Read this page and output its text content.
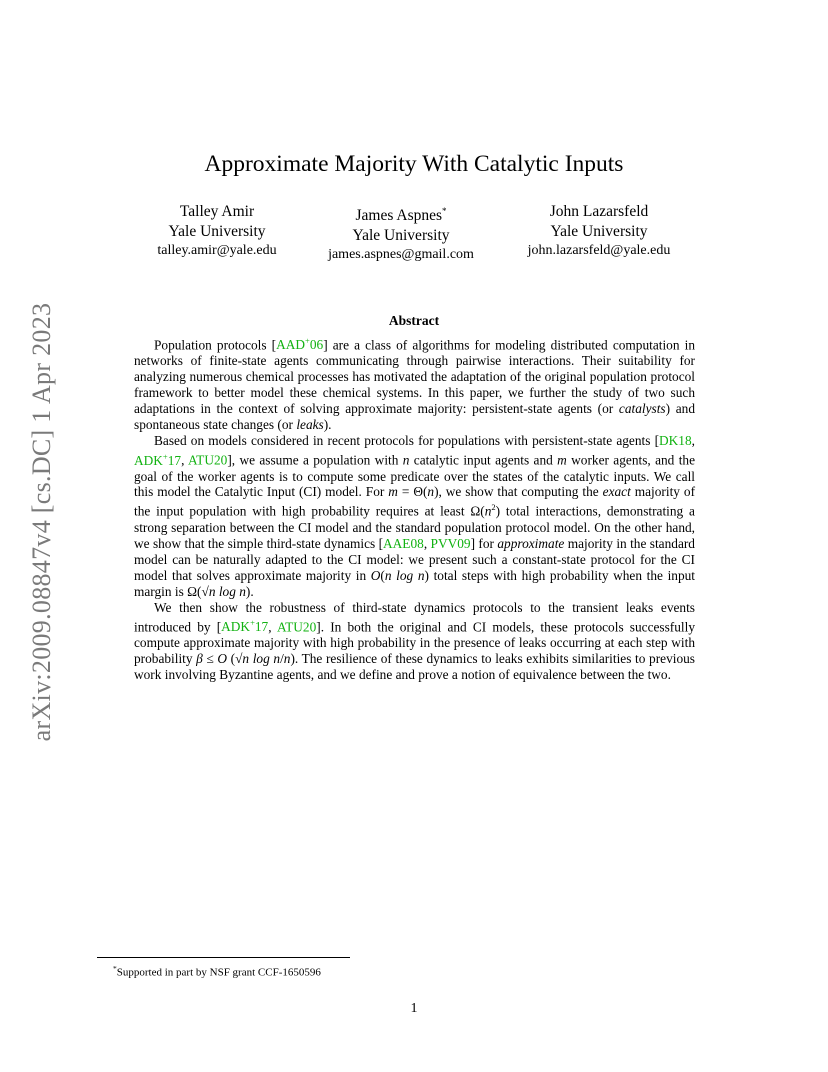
arXiv:2009.08847v4 [cs.DC] 1 Apr 2023
Approximate Majority With Catalytic Inputs
Talley Amir
Yale University
talley.amir@yale.edu
James Aspnes*
Yale University
james.aspnes@gmail.com
John Lazarsfeld
Yale University
john.lazarsfeld@yale.edu
Abstract

Population protocols [AAD+06] are a class of algorithms for modeling distributed computation in networks of finite-state agents communicating through pairwise interactions. Their suitability for analyzing numerous chemical processes has motivated the adaptation of the original population protocol framework to better model these chemical systems. In this paper, we further the study of two such adaptations in the context of solving approximate majority: persistent-state agents (or catalysts) and spontaneous state changes (or leaks).

Based on models considered in recent protocols for populations with persistent-state agents [DK18, ADK+17, ATU20], we assume a population with n catalytic input agents and m worker agents, and the goal of the worker agents is to compute some predicate over the states of the catalytic inputs. We call this model the Catalytic Input (CI) model. For m = Θ(n), we show that computing the exact majority of the input population with high probability requires at least $\Omega(n^2)$ total interactions, demonstrating a strong separation between the CI model and the standard population protocol model. On the other hand, we show that the simple third-state dynamics [AAE08, PVV09] for approximate majority in the standard model can be naturally adapted to the CI model: we present such a constant-state protocol for the CI model that solves approximate majority in O(n log n) total steps with high probability when the input margin is Ω(√n log n).

We then show the robustness of third-state dynamics protocols to the transient leaks events introduced by [ADK+17, ATU20]. In both the original and CI models, these protocols successfully compute approximate majority with high probability in the presence of leaks occurring at each step with probability β ≤ O (√n log n/n). The resilience of these dynamics to leaks exhibits similarities to previous work involving Byzantine agents, and we define and prove a notion of equivalence between the two.

*Supported in part by NSF grant CCF-1650596
1
